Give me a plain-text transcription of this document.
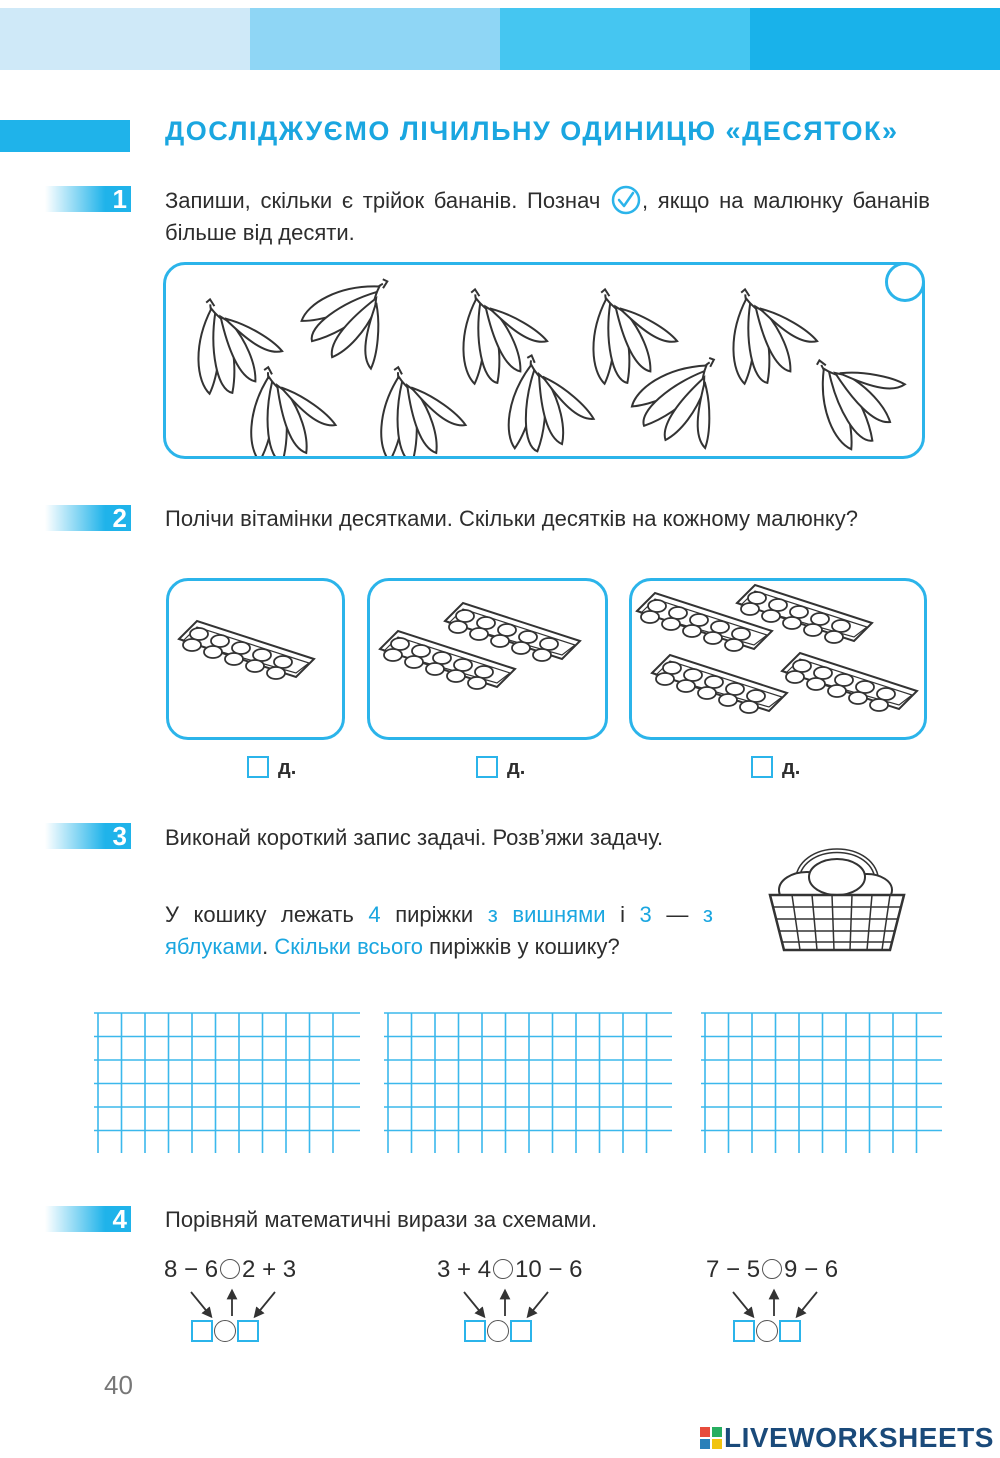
ДОСЛІДЖУЄМО ЛІЧИЛЬНУ ОДИНИЦЮ «ДЕСЯТОК»
1 Запиши, скільки є трійок бананів. Познач , якщо на малюнку бананів більше від десяти.
2 Полічи вітамінки десятками. Скільки десятків на кожному малюнку?
д.	д.	д.
3 Виконай короткий запис задачі. Розв’яжи задачу.
У кошику лежать 4 пиріжки з вишнями і 3 — з яблуками. Скільки всього пиріжків у кошику?
4 Порівняй математичні вирази за схемами.
8 − 6 2 + 3	3 + 4 10 − 6	7 − 5 9 − 6
40
LIVEWORKSHEETS
